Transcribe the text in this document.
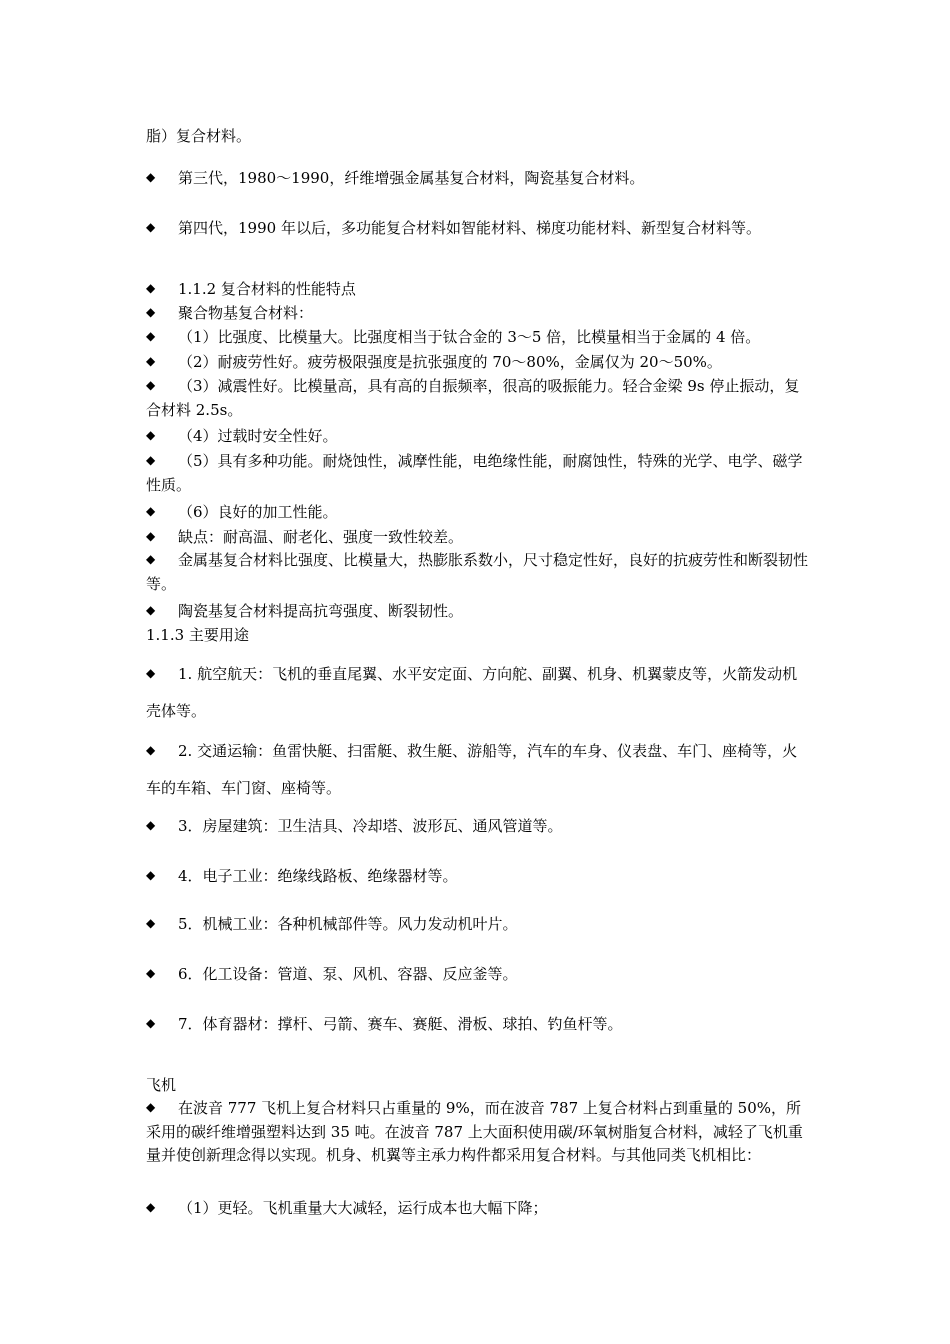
脂）复合材料。
◆ 第三代，1980～1990，纤维增强金属基复合材料，陶瓷基复合材料。
◆ 第四代，1990 年以后，多功能复合材料如智能材料、梯度功能材料、新型复合材料等。
◆ 1.1.2 复合材料的性能特点
◆ 聚合物基复合材料：
◆ （1）比强度、比模量大。比强度相当于钛合金的 3～5 倍，比模量相当于金属的 4 倍。
◆ （2）耐疲劳性好。疲劳极限强度是抗张强度的 70～80%，金属仅为 20～50%。
◆ （3）减震性好。比模量高，具有高的自振频率，很高的吸振能力。轻合金梁 9s 停止振动，复合材料 2.5s。
◆ （4）过载时安全性好。
◆ （5）具有多种功能。耐烧蚀性，减摩性能，电绝缘性能，耐腐蚀性，特殊的光学、电学、磁学性质。
◆ （6）良好的加工性能。
◆ 缺点：耐高温、耐老化、强度一致性较差。
◆ 金属基复合材料比强度、比模量大，热膨胀系数小，尺寸稳定性好，良好的抗疲劳性和断裂韧性等。
◆ 陶瓷基复合材料提高抗弯强度、断裂韧性。
1.1.3 主要用途
◆ 1. 航空航天：飞机的垂直尾翼、水平安定面、方向舵、副翼、机身、机翼蒙皮等，火箭发动机壳体等。
◆ 2. 交通运输：鱼雷快艇、扫雷艇、救生艇、游船等，汽车的车身、仪表盘、车门、座椅等，火车的车箱、车门窗、座椅等。
◆ 3．房屋建筑：卫生洁具、冷却塔、波形瓦、通风管道等。
◆ 4．电子工业：绝缘线路板、绝缘器材等。
◆ 5．机械工业：各种机械部件等。风力发动机叶片。
◆ 6．化工设备：管道、泵、风机、容器、反应釜等。
◆ 7．体育器材：撑杆、弓箭、赛车、赛艇、滑板、球拍、钓鱼杆等。
飞机
◆ 在波音 777 飞机上复合材料只占重量的 9%，而在波音 787 上复合材料占到重量的 50%，所采用的碳纤维增强塑料达到 35 吨。在波音 787 上大面积使用碳/环氧树脂复合材料，减轻了飞机重量并使创新理念得以实现。机身、机翼等主承力构件都采用复合材料。与其他同类飞机相比：
◆ （1）更轻。飞机重量大大减轻，运行成本也大幅下降；
